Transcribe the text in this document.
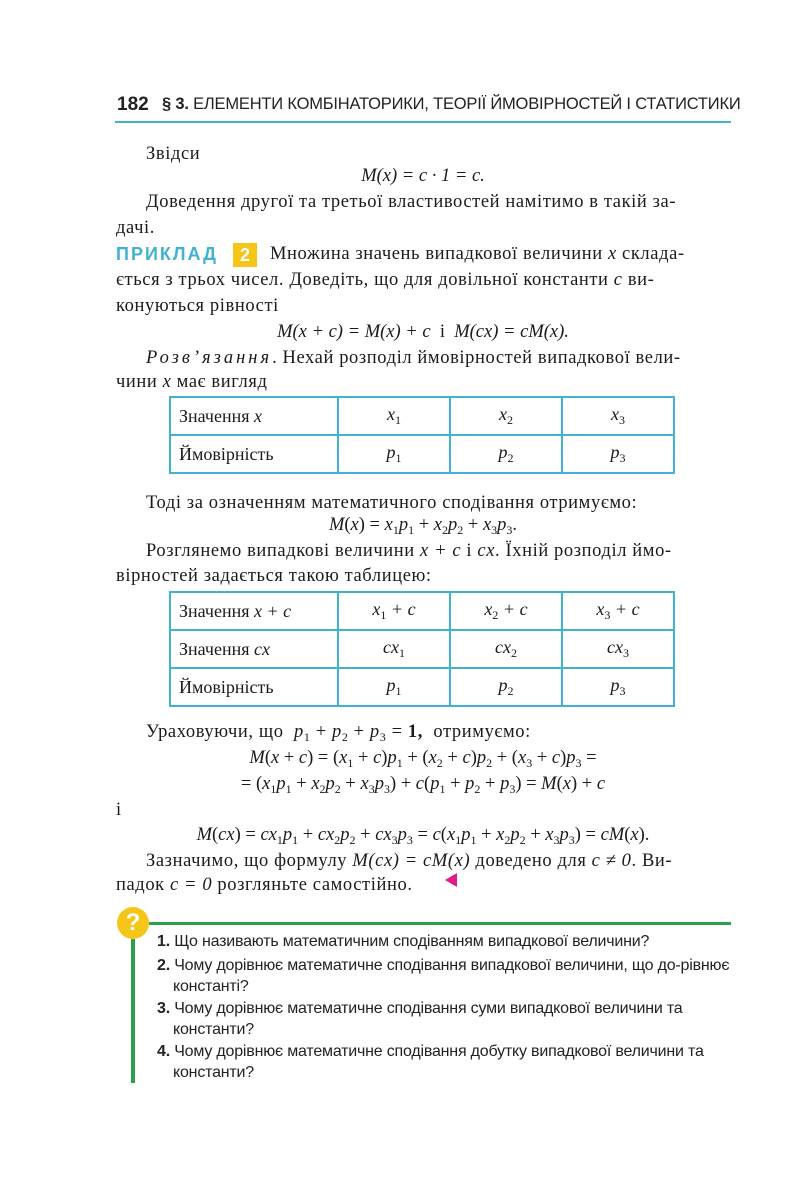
182 § 3. ЕЛЕМЕНТИ КОМБІНАТОРИКИ, ТЕОРІЇ ЙМОВІРНОСТЕЙ І СТАТИСТИКИ
Звідси
M(x) = c · 1 = c.
Доведення другої та третьої властивостей намітимо в такій за-
дачі.
ПРИКЛАД	2	Множина значень випадкової величини x склада-
ється з трьох чисел. Доведіть, що для довільної константи c ви-
конуються рівності
M(x + c) = M(x) + c і M(cx) = cM(x).
Розв’язання. Нехай розподіл ймовірностей випадкової вели-
чини x має вигляд
Значення x	$x_1$	$x_2$	$x_3$
Ймовірність	$p_1$	$p_2$	$p_3$
Тоді за означенням математичного сподівання отримуємо:
$M(x) = x_1p_1 + x_2p_2 + x_3p_3$.
Розглянемо випадкові величини x + c і cx. Їхній розподіл ймо-
вірностей задається такою таблицею:
Значення x + c	$x_1 + c$	$x_2 + c$	$x_3 + c$
Значення cx	$cx_1$	$cx_2$	$cx_3$
Ймовірність	$p_1$	$p_2$	$p_3$
Ураховуючи, що $p_1 + p_2 + p_3 = 1$, отримуємо:
$M(x + c) = (x_1 + c)p_1 + (x_2 + c)p_2 + (x_3 + c)p_3$ =
= $(x_1p_1 + x_2p_2 + x_3p_3) + c(p_1 + p_2 + p_3) = M(x) + c$
і
$M(cx) = cx_1p_1 + cx_2p_2 + cx_3p_3 = c(x_1p_1 + x_2p_2 + x_3p_3) = cM(x)$.
Зазначимо, що формулу M(cx) = cM(x) доведено для c ≠ 0. Ви-
падок c = 0 розгляньте самостійно.
?
1. Що називають математичним сподіванням випадкової величини?
2. Чому дорівнює математичне сподівання випадкової величини, що до-рівнює константі?
3. Чому дорівнює математичне сподівання суми випадкової величини та константи?
4. Чому дорівнює математичне сподівання добутку випадкової величини та константи?
